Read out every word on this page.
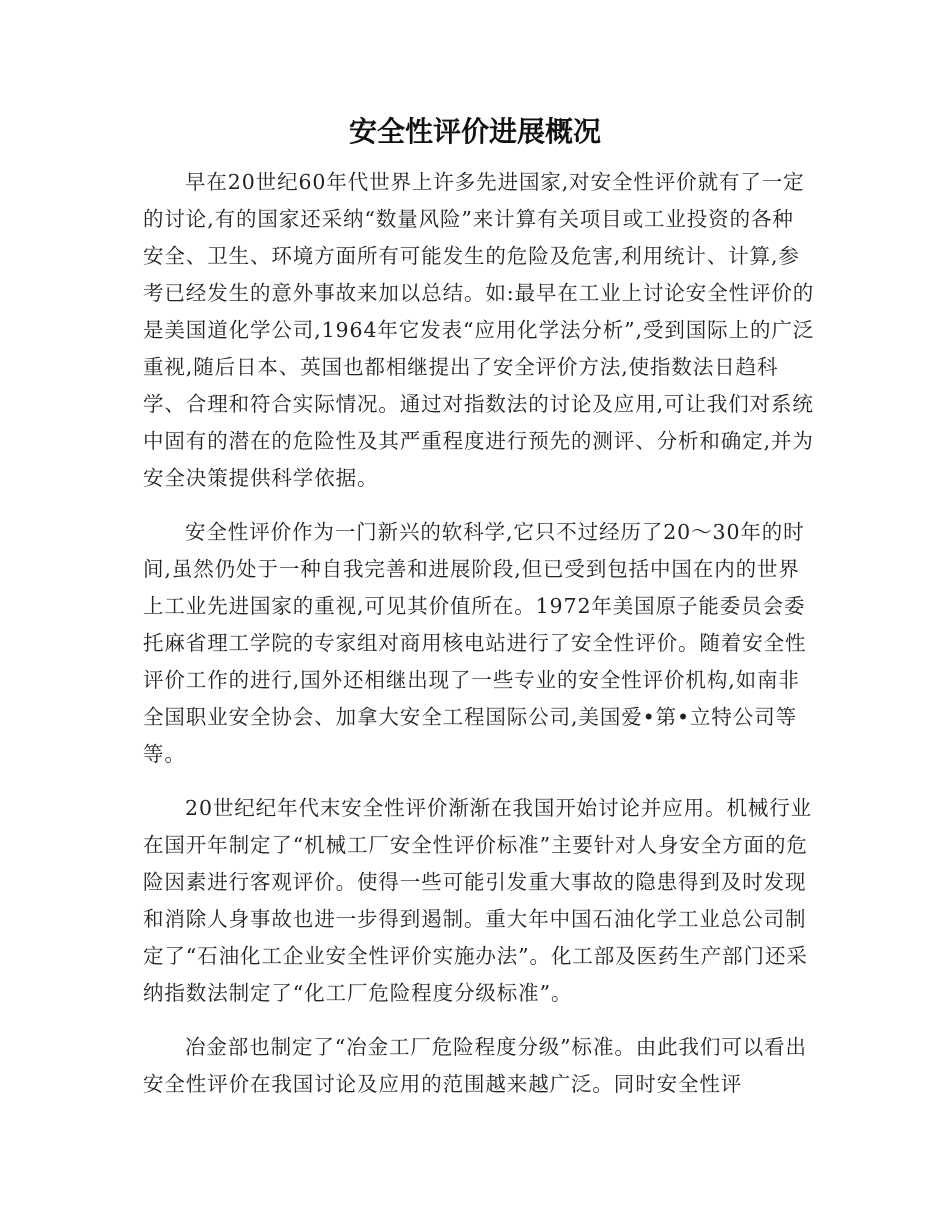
安全性评价进展概况

早在20世纪60年代世界上许多先进国家,对安全性评价就有了一定的讨论,有的国家还采纳“数量风险”来计算有关项目或工业投资的各种安全、卫生、环境方面所有可能发生的危险及危害,利用统计、计算,参考已经发生的意外事故来加以总结。如:最早在工业上讨论安全性评价的是美国道化学公司,1964年它发表“应用化学法分析”,受到国际上的广泛重视,随后日本、英国也都相继提出了安全评价方法,使指数法日趋科学、合理和符合实际情况。通过对指数法的讨论及应用,可让我们对系统中固有的潜在的危险性及其严重程度进行预先的测评、分析和确定,并为安全决策提供科学依据。

安全性评价作为一门新兴的软科学,它只不过经历了20～30年的时间,虽然仍处于一种自我完善和进展阶段,但已受到包括中国在内的世界上工业先进国家的重视,可见其价值所在。1972年美国原子能委员会委托麻省理工学院的专家组对商用核电站进行了安全性评价。随着安全性评价工作的进行,国外还相继出现了一些专业的安全性评价机构,如南非全国职业安全协会、加拿大安全工程国际公司,美国爱•第•立特公司等等。

20世纪纪年代末安全性评价渐渐在我国开始讨论并应用。机械行业在国开年制定了“机械工厂安全性评价标准”主要针对人身安全方面的危险因素进行客观评价。使得一些可能引发重大事故的隐患得到及时发现和消除人身事故也进一步得到遏制。重大年中国石油化学工业总公司制定了“石油化工企业安全性评价实施办法”。化工部及医药生产部门还采纳指数法制定了“化工厂危险程度分级标准”。

冶金部也制定了“冶金工厂危险程度分级”标准。由此我们可以看出安全性评价在我国讨论及应用的范围越来越广泛。同时安全性评
